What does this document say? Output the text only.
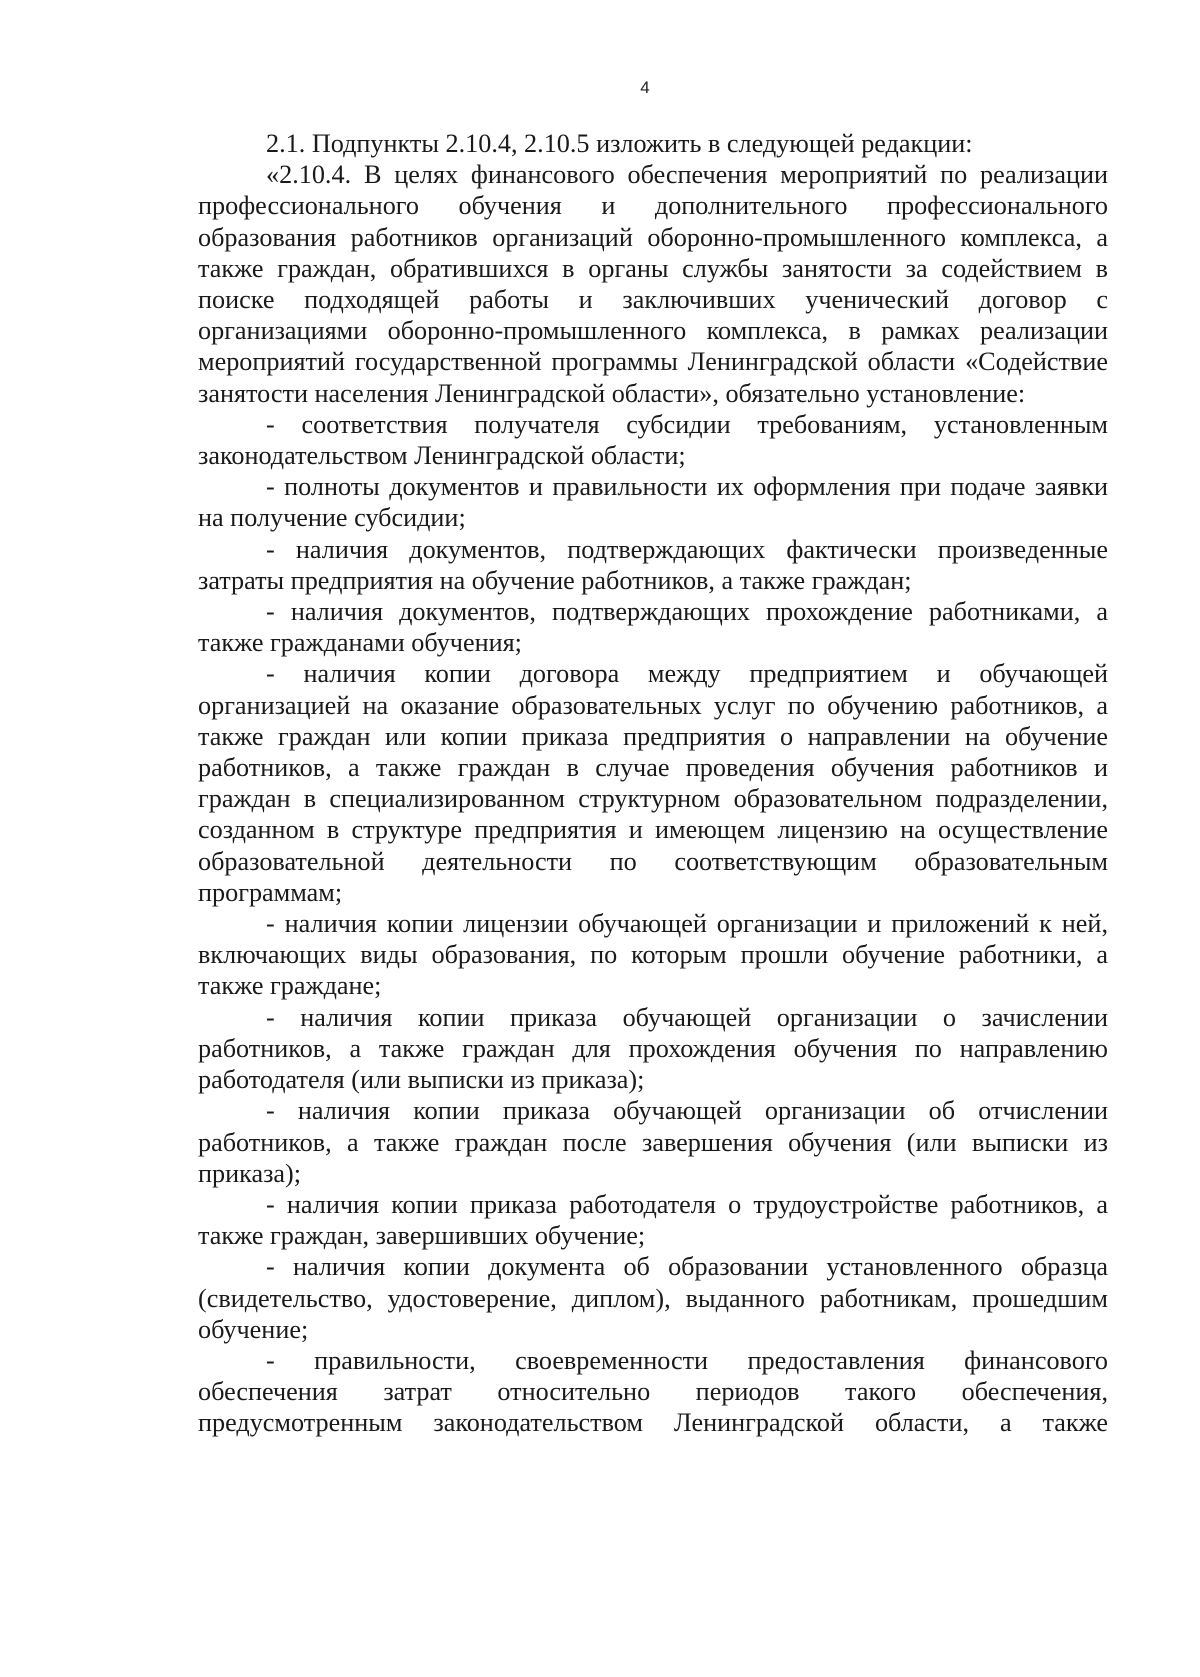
4

2.1. Подпункты 2.10.4, 2.10.5 изложить в следующей редакции:

«2.10.4. В целях финансового обеспечения мероприятий по реализации профессионального обучения и дополнительного профессионального образования работников организаций оборонно-промышленного комплекса, а также граждан, обратившихся в органы службы занятости за содействием в поиске подходящей работы и заключивших ученический договор с организациями оборонно-промышленного комплекса, в рамках реализации мероприятий государственной программы Ленинградской области «Содействие занятости населения Ленинградской области», обязательно установление:

- соответствия получателя субсидии требованиям, установленным законодательством Ленинградской области;

- полноты документов и правильности их оформления при подаче заявки на получение субсидии;

- наличия документов, подтверждающих фактически произведенные затраты предприятия на обучение работников, а также граждан;

- наличия документов, подтверждающих прохождение работниками, а также гражданами обучения;

- наличия копии договора между предприятием и обучающей организацией на оказание образовательных услуг по обучению работников, а также граждан или копии приказа предприятия о направлении на обучение работников, а также граждан в случае проведения обучения работников и граждан в специализированном структурном образовательном подразделении, созданном в структуре предприятия и имеющем лицензию на осуществление образовательной деятельности по соответствующим образовательным программам;

- наличия копии лицензии обучающей организации и приложений к ней, включающих виды образования, по которым прошли обучение работники, а также граждане;

- наличия копии приказа обучающей организации о зачислении работников, а также граждан для прохождения обучения по направлению работодателя (или выписки из приказа);

- наличия копии приказа обучающей организации об отчислении работников, а также граждан после завершения обучения (или выписки из приказа);

- наличия копии приказа работодателя о трудоустройстве работников, а также граждан, завершивших обучение;

- наличия копии документа об образовании установленного образца (свидетельство, удостоверение, диплом), выданного работникам, прошедшим обучение;

- правильности, своевременности предоставления финансового обеспечения затрат относительно периодов такого обеспечения, предусмотренным законодательством Ленинградской области, а также
